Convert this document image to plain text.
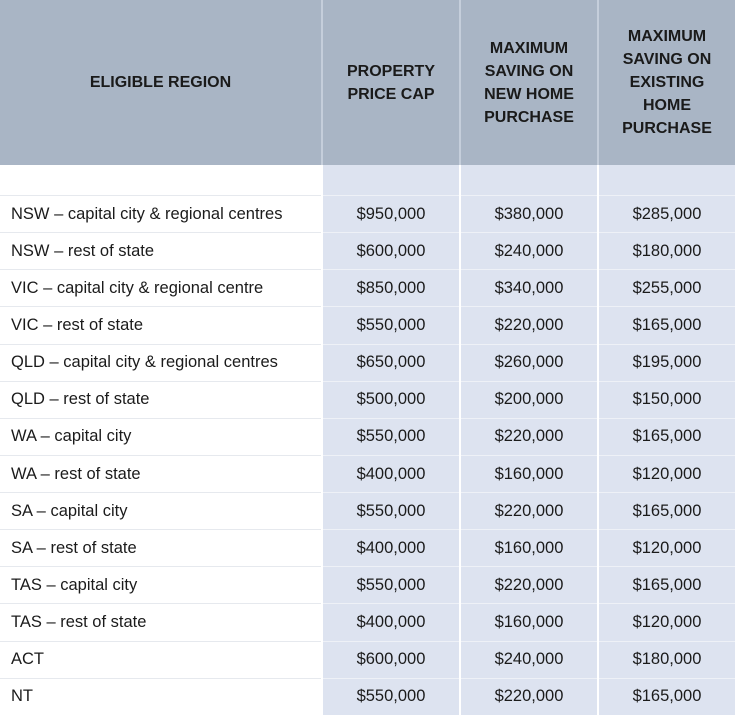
ELIGIBLE REGION	PROPERTY PRICE CAP	MAXIMUM SAVING ON NEW HOME PURCHASE	MAXIMUM SAVING ON EXISTING HOME PURCHASE

NSW – capital city & regional centres	$950,000	$380,000	$285,000
NSW – rest of state	$600,000	$240,000	$180,000
VIC – capital city & regional centre	$850,000	$340,000	$255,000
VIC – rest of state	$550,000	$220,000	$165,000
QLD – capital city & regional centres	$650,000	$260,000	$195,000
QLD – rest of state	$500,000	$200,000	$150,000
WA – capital city	$550,000	$220,000	$165,000
WA – rest of state	$400,000	$160,000	$120,000
SA – capital city	$550,000	$220,000	$165,000
SA – rest of state	$400,000	$160,000	$120,000
TAS – capital city	$550,000	$220,000	$165,000
TAS – rest of state	$400,000	$160,000	$120,000
ACT	$600,000	$240,000	$180,000
NT	$550,000	$220,000	$165,000
